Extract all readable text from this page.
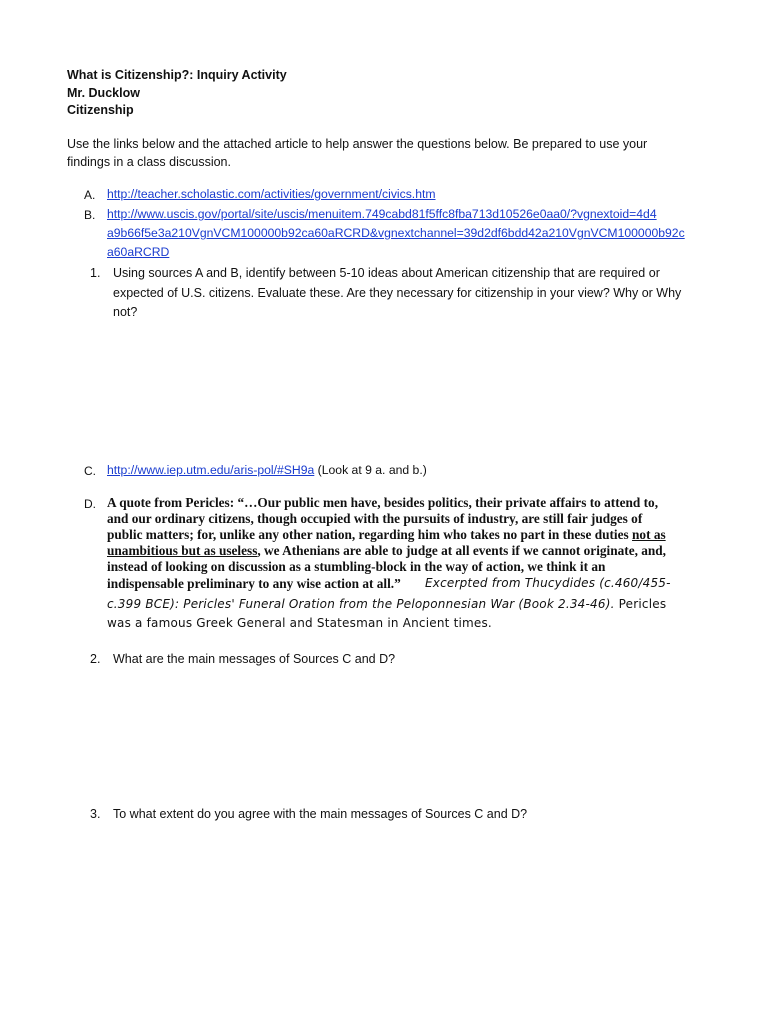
What is Citizenship?: Inquiry Activity
Mr. Ducklow
Citizenship
Use the links below and the attached article to help answer the questions below. Be prepared to use your
findings in a class discussion.
A. http://teacher.scholastic.com/activities/government/civics.htm
B. http://www.uscis.gov/portal/site/uscis/menuitem.749cabd81f5ffc8fba713d10526e0aa0/?vgnextoid=4d4
a9b66f5e3a210VgnVCM100000b92ca60aRCRD&vgnextchannel=39d2df6bdd42a210VgnVCM100000b92c
a60aRCRD
1. Using sources A and B, identify between 5-10 ideas about American citizenship that are required or
expected of U.S. citizens. Evaluate these. Are they necessary for citizenship in your view? Why or Why
not?
C. http://www.iep.utm.edu/aris-pol/#SH9a (Look at 9 a. and b.)
D. A quote from Pericles: “…Our public men have, besides politics, their private affairs to attend to,
and our ordinary citizens, though occupied with the pursuits of industry, are still fair judges of
public matters; for, unlike any other nation, regarding him who takes no part in these duties not as
unambitious but as useless, we Athenians are able to judge at all events if we cannot originate, and,
instead of looking on discussion as a stumbling-block in the way of action, we think it an
indispensable preliminary to any wise action at all.” Excerpted from Thucydides (c.460/455-
c.399 BCE): Pericles' Funeral Oration from the Peloponnesian War (Book 2.34-46). Pericles
was a famous Greek General and Statesman in Ancient times.
2. What are the main messages of Sources C and D?
3. To what extent do you agree with the main messages of Sources C and D?
